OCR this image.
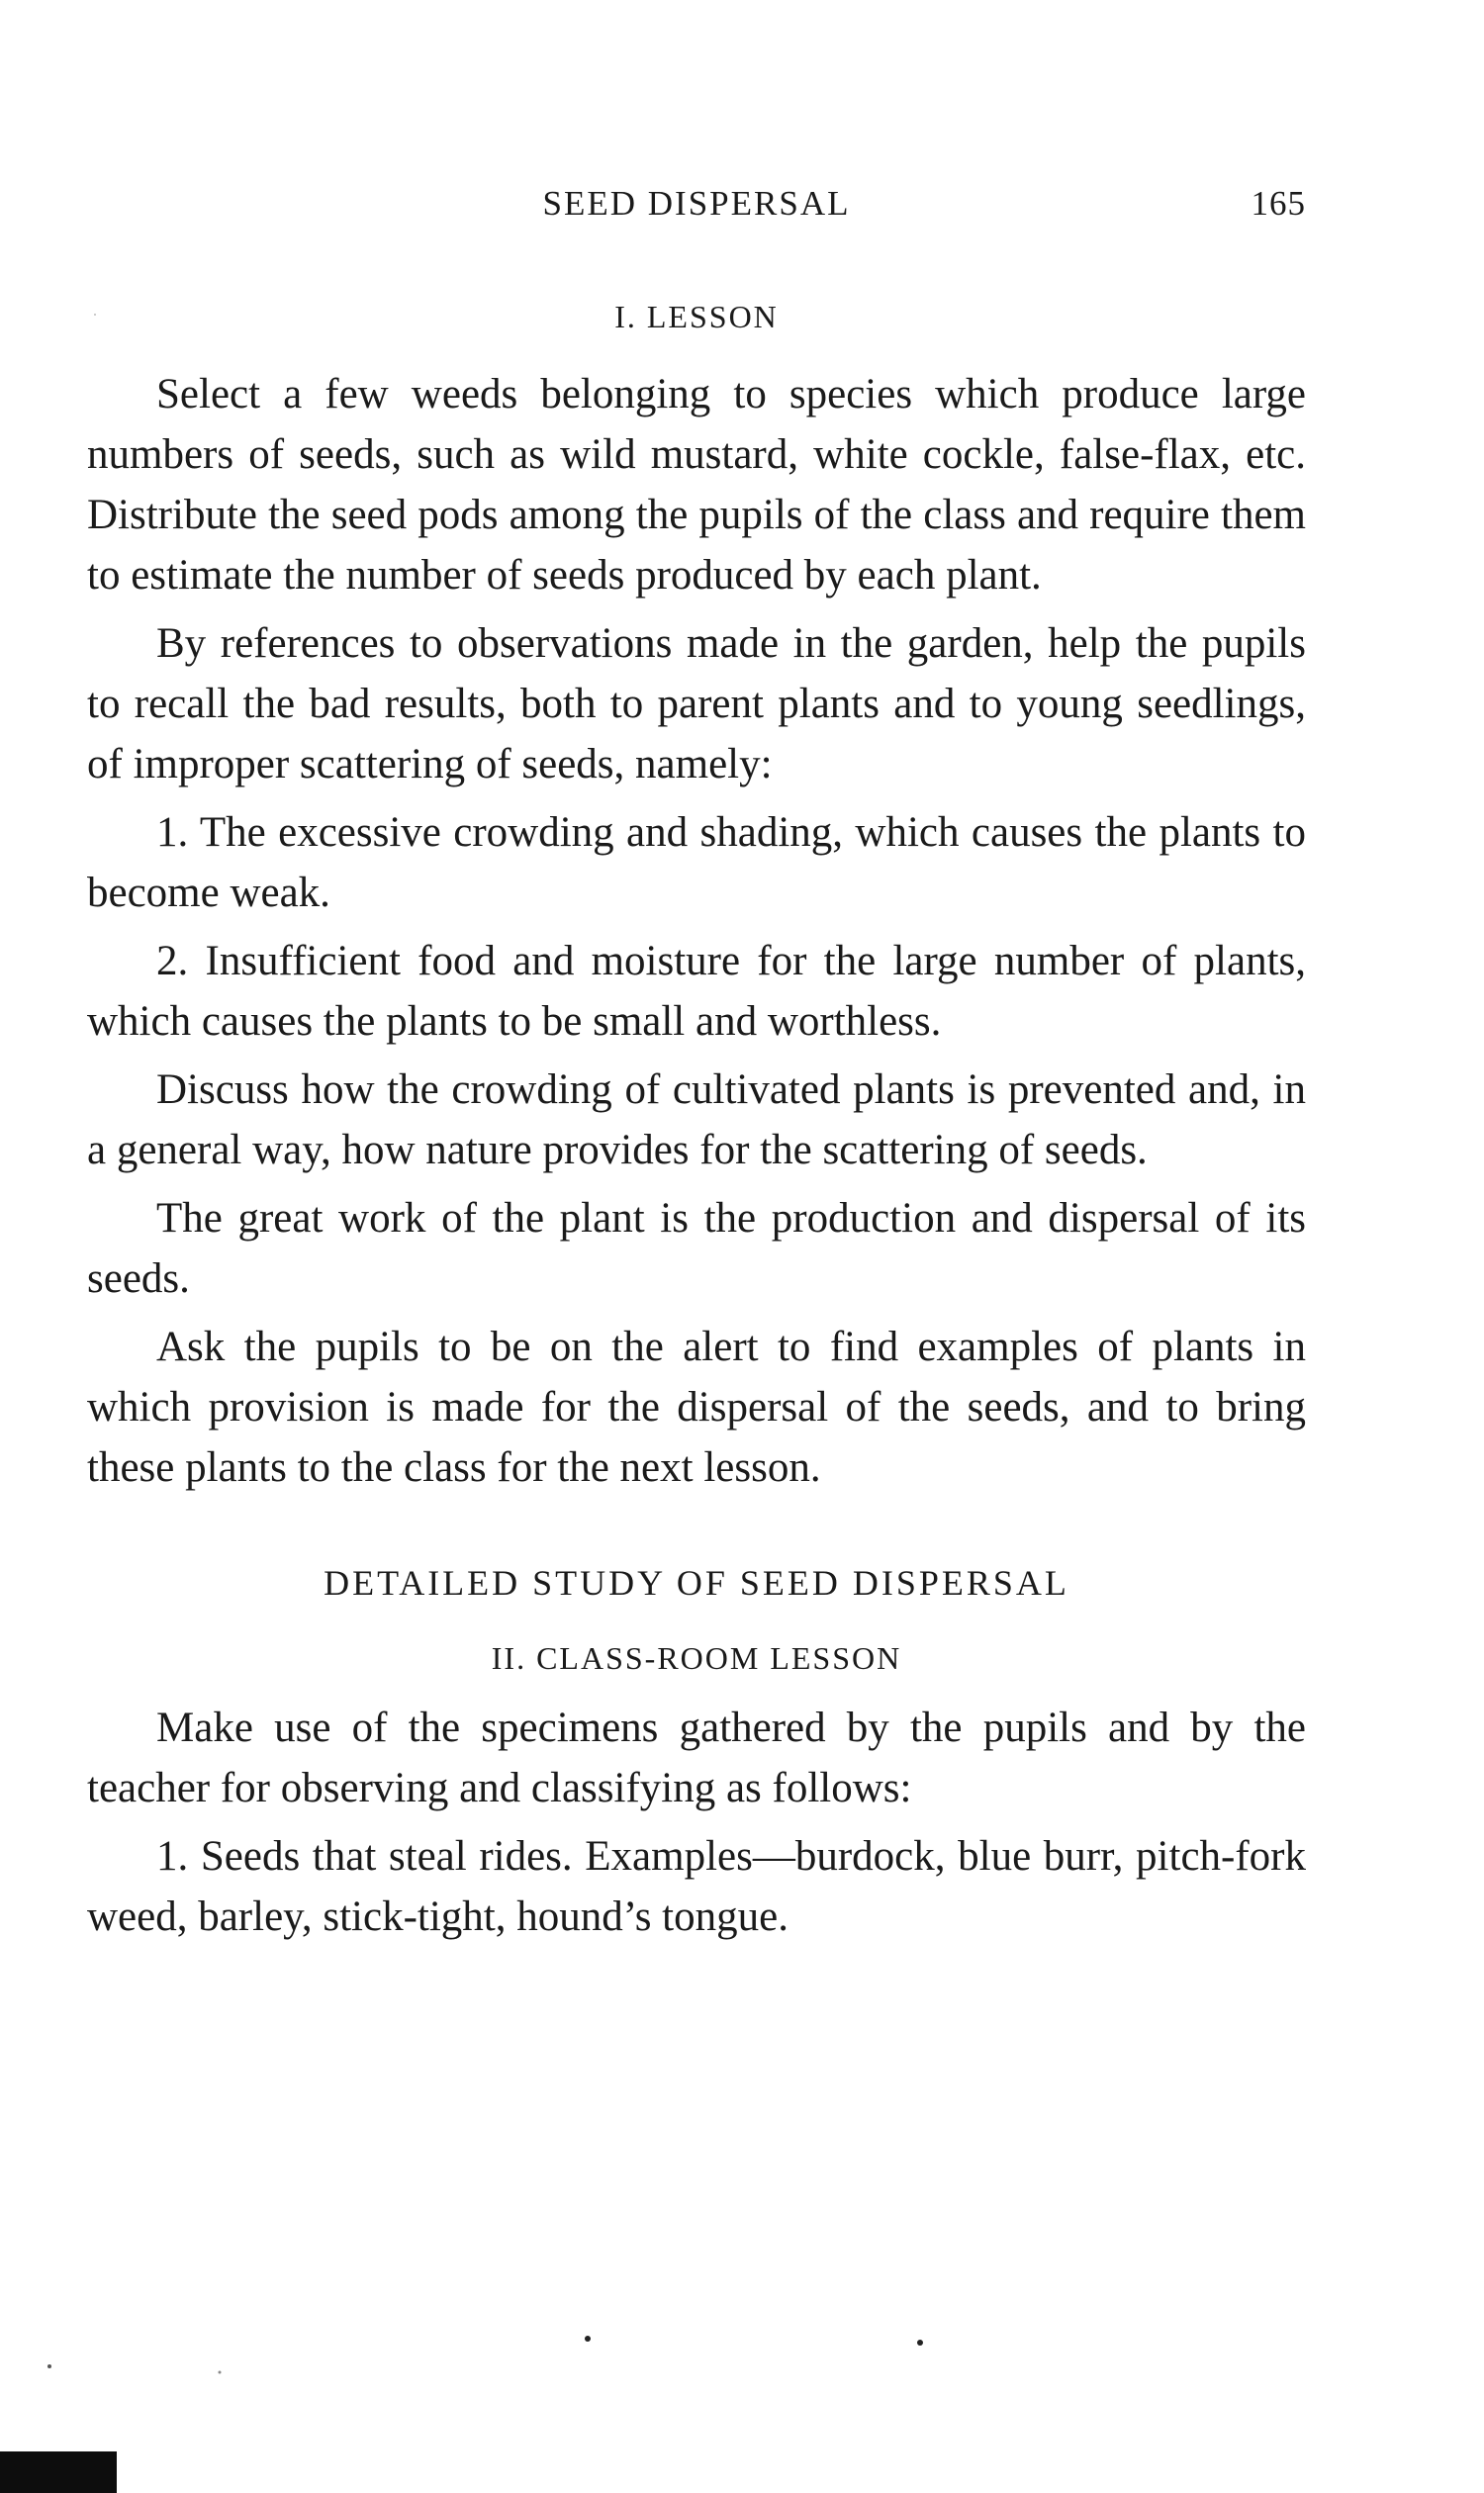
SEED DISPERSAL	165
I. LESSON

Select a few weeds belonging to species which produce large numbers of seeds, such as wild mustard, white cockle, false-flax, etc. Distribute the seed pods among the pupils of the class and require them to estimate the number of seeds produced by each plant.

By references to observations made in the garden, help the pupils to recall the bad results, both to parent plants and to young seedlings, of improper scattering of seeds, namely:

1. The excessive crowding and shading, which causes the plants to become weak.

2. Insufficient food and moisture for the large number of plants, which causes the plants to be small and worthless.

Discuss how the crowding of cultivated plants is prevented and, in a general way, how nature provides for the scattering of seeds.

The great work of the plant is the production and dispersal of its seeds.

Ask the pupils to be on the alert to find examples of plants in which provision is made for the dispersal of the seeds, and to bring these plants to the class for the next lesson.

DETAILED STUDY OF SEED DISPERSAL
II. CLASS-ROOM LESSON

Make use of the specimens gathered by the pupils and by the teacher for observing and classifying as follows:

1. Seeds that steal rides. Examples—burdock, blue burr, pitch-fork weed, barley, stick-tight, hound’s tongue.
